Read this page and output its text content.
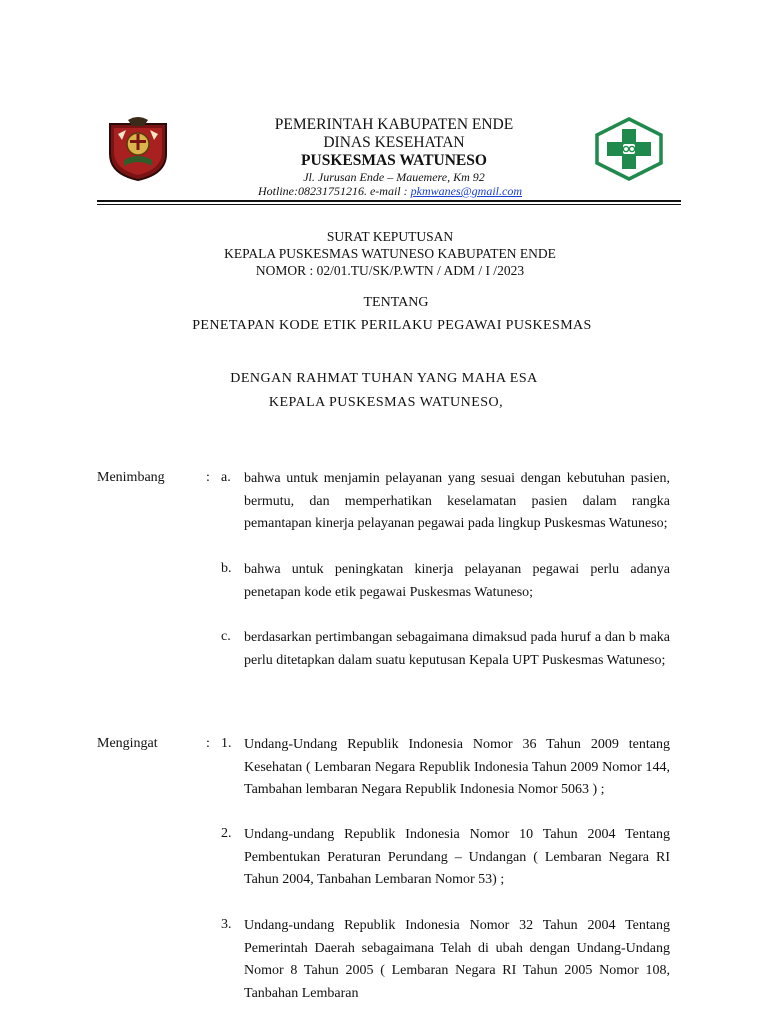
PEMERINTAH KABUPATEN ENDE
DINAS KESEHATAN
PUSKESMAS WATUNESO
Jl. Jurusan Ende – Mauemere, Km 92
Hotline:08231751216. e-mail : pkmwanes@gmail.com
SURAT KEPUTUSAN
KEPALA PUSKESMAS WATUNESO KABUPATEN ENDE
NOMOR : 02/01.TU/SK/P.WTN / ADM / I /2023
TENTANG
PENETAPAN KODE ETIK PERILAKU PEGAWAI PUSKESMAS
DENGAN RAHMAT TUHAN YANG MAHA ESA
KEPALA PUSKESMAS WATUNESO,
Menimbang	: a. bahwa untuk menjamin pelayanan yang sesuai dengan kebutuhan pasien, bermutu, dan memperhatikan keselamatan pasien dalam rangka pemantapan kinerja pelayanan pegawai pada lingkup Puskesmas Watuneso;
b. bahwa untuk peningkatan kinerja pelayanan pegawai perlu adanya penetapan kode etik pegawai Puskesmas Watuneso;
c. berdasarkan pertimbangan sebagaimana dimaksud pada huruf a dan b maka perlu ditetapkan dalam suatu keputusan Kepala UPT Puskesmas Watuneso;
Mengingat	: 1. Undang-Undang Republik Indonesia Nomor 36 Tahun 2009 tentang Kesehatan ( Lembaran Negara Republik Indonesia Tahun 2009 Nomor 144, Tambahan lembaran Negara Republik Indonesia Nomor 5063 ) ;
2. Undang-undang Republik Indonesia Nomor 10 Tahun 2004 Tentang Pembentukan Peraturan Perundang – Undangan ( Lembaran Negara RI Tahun 2004, Tanbahan Lembaran Nomor 53) ;
3. Undang-undang Republik Indonesia Nomor 32 Tahun 2004 Tentang Pemerintah Daerah sebagaimana Telah di ubah dengan Undang-Undang Nomor 8 Tahun 2005 ( Lembaran Negara RI Tahun 2005 Nomor 108, Tanbahan Lembaran
